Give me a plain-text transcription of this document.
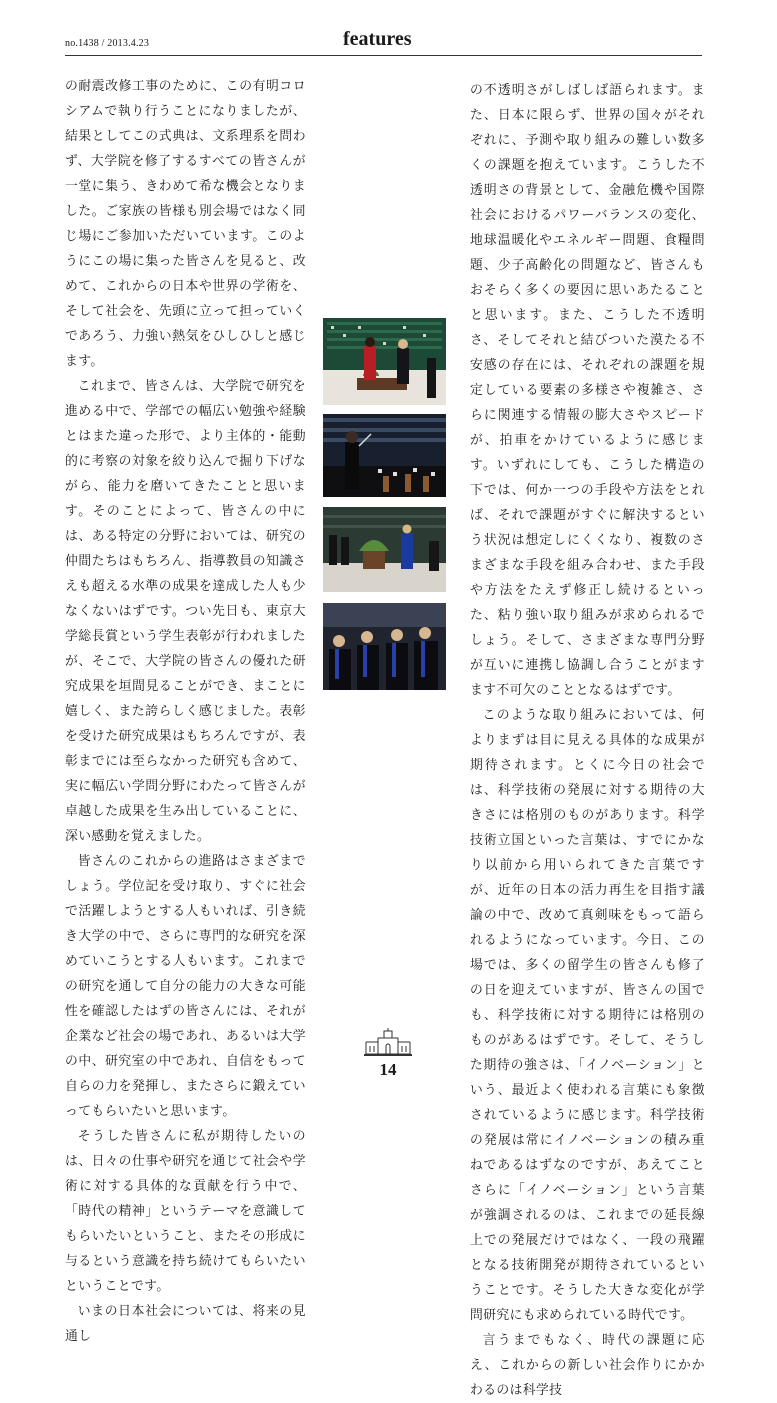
no.1438 / 2013.4.23	features

の耐震改修工事のために、この有明コロシアムで執り行うことになりましたが、結果としてこの式典は、文系理系を問わず、大学院を修了するすべての皆さんが一堂に集う、きわめて希な機会となりました。ご家族の皆様も別会場ではなく同じ場にご参加いただいています。このようにこの場に集った皆さんを見ると、改めて、これからの日本や世界の学術を、そして社会を、先頭に立って担っていくであろう、力強い熱気をひしひしと感じます。

これまで、皆さんは、大学院で研究を進める中で、学部での幅広い勉強や経験とはまた違った形で、より主体的・能動的に考察の対象を絞り込んで掘り下げながら、能力を磨いてきたことと思います。そのことによって、皆さんの中には、ある特定の分野においては、研究の仲間たちはもちろん、指導教員の知識さえも超える水準の成果を達成した人も少なくないはずです。つい先日も、東京大学総長賞という学生表彰が行われましたが、そこで、大学院の皆さんの優れた研究成果を垣間見ることができ、まことに嬉しく、また誇らしく感じました。表彰を受けた研究成果はもちろんですが、表彰までには至らなかった研究も含めて、実に幅広い学問分野にわたって皆さんが卓越した成果を生み出していることに、深い感動を覚えました。

皆さんのこれからの進路はさまざまでしょう。学位記を受け取り、すぐに社会で活躍しようとする人もいれば、引き続き大学の中で、さらに専門的な研究を深めていこうとする人もいます。これまでの研究を通して自分の能力の大きな可能性を確認したはずの皆さんには、それが企業など社会の場であれ、あるいは大学の中、研究室の中であれ、自信をもって自らの力を発揮し、またさらに鍛えていってもらいたいと思います。

そうした皆さんに私が期待したいのは、日々の仕事や研究を通じて社会や学術に対する具体的な貢献を行う中で、「時代の精神」というテーマを意識してもらいたいということ、またその形成に与るという意識を持ち続けてもらいたいということです。

いまの日本社会については、将来の見通し

の不透明さがしばしば語られます。また、日本に限らず、世界の国々がそれぞれに、予測や取り組みの難しい数多くの課題を抱えています。こうした不透明さの背景として、金融危機や国際社会におけるパワーバランスの変化、地球温暖化やエネルギー問題、食糧問題、少子高齢化の問題など、皆さんもおそらく多くの要因に思いあたることと思います。また、こうした不透明さ、そしてそれと結びついた漠たる不安感の存在には、それぞれの課題を規定している要素の多様さや複雑さ、さらに関連する情報の膨大さやスピードが、拍車をかけているように感じます。いずれにしても、こうした構造の下では、何か一つの手段や方法をとれば、それで課題がすぐに解決するという状況は想定しにくくなり、複数のさまざまな手段を組み合わせ、また手段や方法をたえず修正し続けるといった、粘り強い取り組みが求められるでしょう。そして、さまざまな専門分野が互いに連携し協調し合うことがますます不可欠のこととなるはずです。

このような取り組みにおいては、何よりまずは目に見える具体的な成果が期待されます。とくに今日の社会では、科学技術の発展に対する期待の大きさには格別のものがあります。科学技術立国といった言葉は、すでにかなり以前から用いられてきた言葉ですが、近年の日本の活力再生を目指す議論の中で、改めて真剣味をもって語られるようになっています。今日、この場では、多くの留学生の皆さんも修了の日を迎えていますが、皆さんの国でも、科学技術に対する期待には格別のものがあるはずです。そして、そうした期待の強さは、「イノベーション」という、最近よく使われる言葉にも象徴されているように感じます。科学技術の発展は常にイノベーションの積み重ねであるはずなのですが、あえてことさらに「イノベーション」という言葉が強調されるのは、これまでの延長線上での発展だけではなく、一段の飛躍となる技術開発が期待されているということです。そうした大きな変化が学問研究にも求められている時代です。

言うまでもなく、時代の課題に応え、これからの新しい社会作りにかかわるのは科学技

14
